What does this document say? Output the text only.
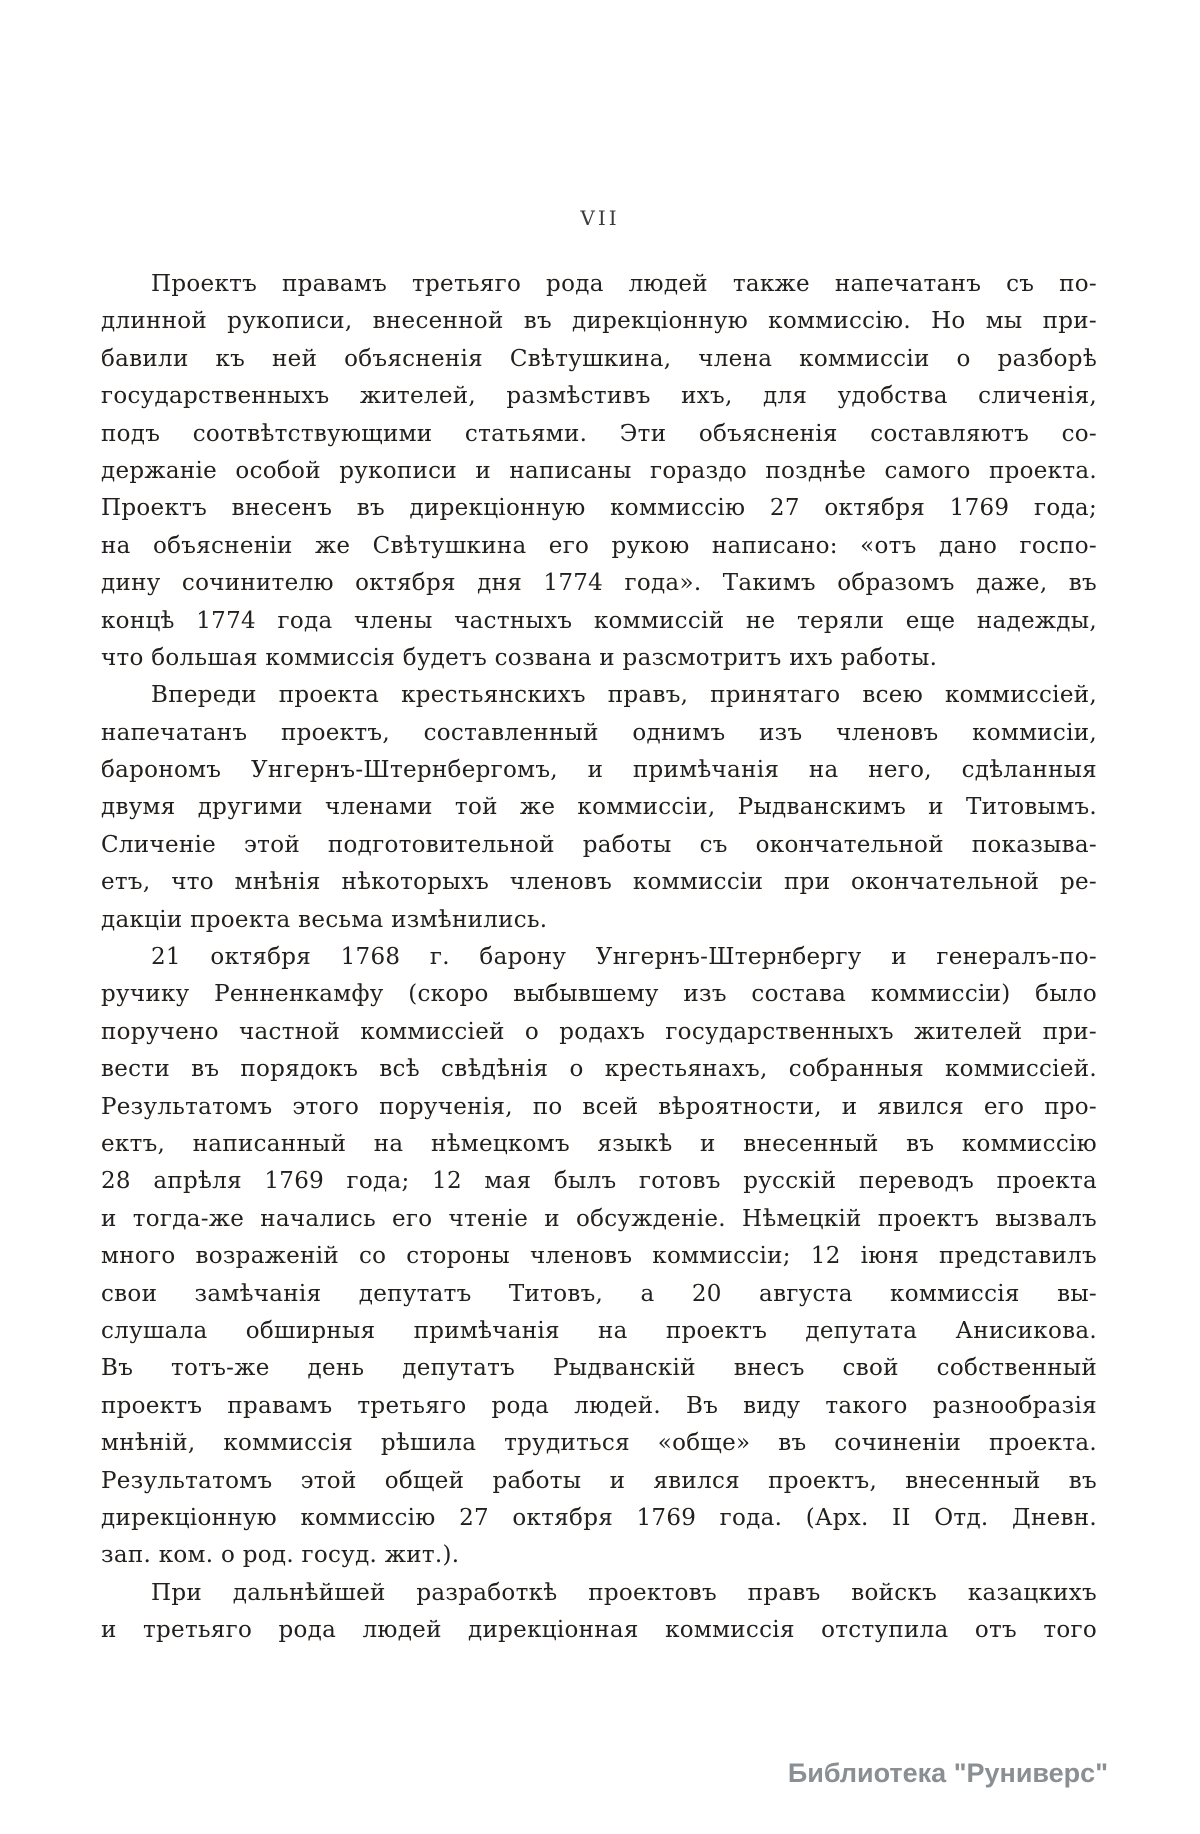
VII
Проектъ правамъ третьяго рода людей также напечатанъ съ по-
длинной рукописи, внесенной въ дирекціонную коммиссію. Но мы при-
бавили къ ней объясненія Свѣтушкина, члена коммиссіи о разборѣ
государственныхъ жителей, размѣстивъ ихъ, для удобства сличенія,
подъ соотвѣтствующими статьями. Эти объясненія составляютъ со-
держаніе особой рукописи и написаны гораздо позднѣе самого проекта.
Проектъ внесенъ въ дирекціонную коммиссію 27 октября 1769 года;
на объясненіи же Свѣтушкина его рукою написано: «отъ дано госпо-
дину сочинителю октября дня 1774 года». Такимъ образомъ даже, въ
концѣ 1774 года члены частныхъ коммиссій не теряли еще надежды,
что большая коммиссія будетъ созвана и разсмотритъ ихъ работы.
Впереди проекта крестьянскихъ правъ, принятаго всею коммиссіей,
напечатанъ проектъ, составленный однимъ изъ членовъ коммисіи,
барономъ Унгернъ-Штернбергомъ, и примѣчанія на него, сдѣланныя
двумя другими членами той же коммиссіи, Рыдванскимъ и Титовымъ.
Сличеніе этой подготовительной работы съ окончательной показыва-
етъ, что мнѣнія нѣкоторыхъ членовъ коммиссіи при окончательной ре-
дакціи проекта весьма измѣнились.
21 октября 1768 г. барону Унгернъ-Штернбергу и генералъ-по-
ручику Ренненкамфу (скоро выбывшему изъ состава коммиссіи) было
поручено частной коммиссіей о родахъ государственныхъ жителей при-
вести въ порядокъ всѣ свѣдѣнія о крестьянахъ, собранныя коммиссіей.
Результатомъ этого порученія, по всей вѣроятности, и явился его про-
ектъ, написанный на нѣмецкомъ языкѣ и внесенный въ коммиссію
28 апрѣля 1769 года; 12 мая былъ готовъ русскій переводъ проекта
и тогда-же начались его чтеніе и обсужденіе. Нѣмецкій проектъ вызвалъ
много возраженій со стороны членовъ коммиссіи; 12 іюня представилъ
свои замѣчанія депутатъ Титовъ, а 20 августа коммиссія вы-
слушала обширныя примѣчанія на проектъ депутата Анисикова.
Въ тотъ-же день депутатъ Рыдванскій внесъ свой собственный
проектъ правамъ третьяго рода людей. Въ виду такого разнообразія
мнѣній, коммиссія рѣшила трудиться «обще» въ сочиненіи проекта.
Результатомъ этой общей работы и явился проектъ, внесенный въ
дирекціонную коммиссію 27 октября 1769 года. (Арх. II Отд. Дневн.
зап. ком. о род. госуд. жит.).
При дальнѣйшей разработкѣ проектовъ правъ войскъ казацкихъ
и третьяго рода людей дирекціонная коммиссія отступила отъ того
Библиотека "Руниверс"
